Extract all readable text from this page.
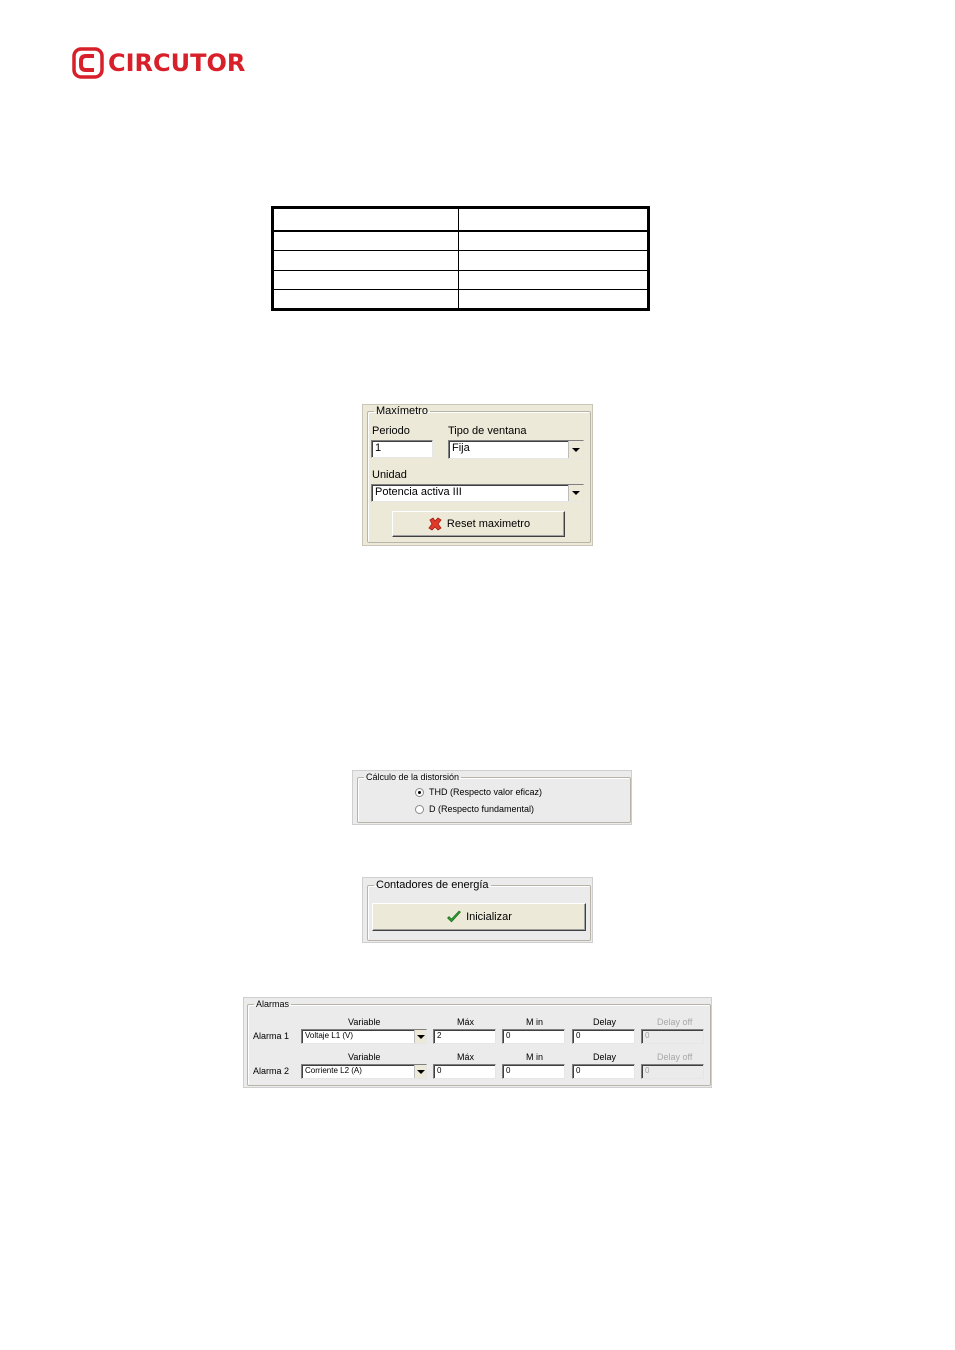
CIRCUTOR

Maxímetro
Periodo
1
Tipo de ventana
Fija
Unidad
Potencia activa III
Reset maximetro
Cálculo de la distorsión
THD (Respecto valor eficaz)
D (Respecto fundamental)
Contadores de energía
Inicializar
Alarmas
Variable	Máx	M in	Delay	Delay off
Alarma 1	Voltaje L1 (V)	2	0	0	0
Variable	Máx	M in	Delay	Delay off
Alarma 2	Corriente L2 (A)	0	0	0	0
